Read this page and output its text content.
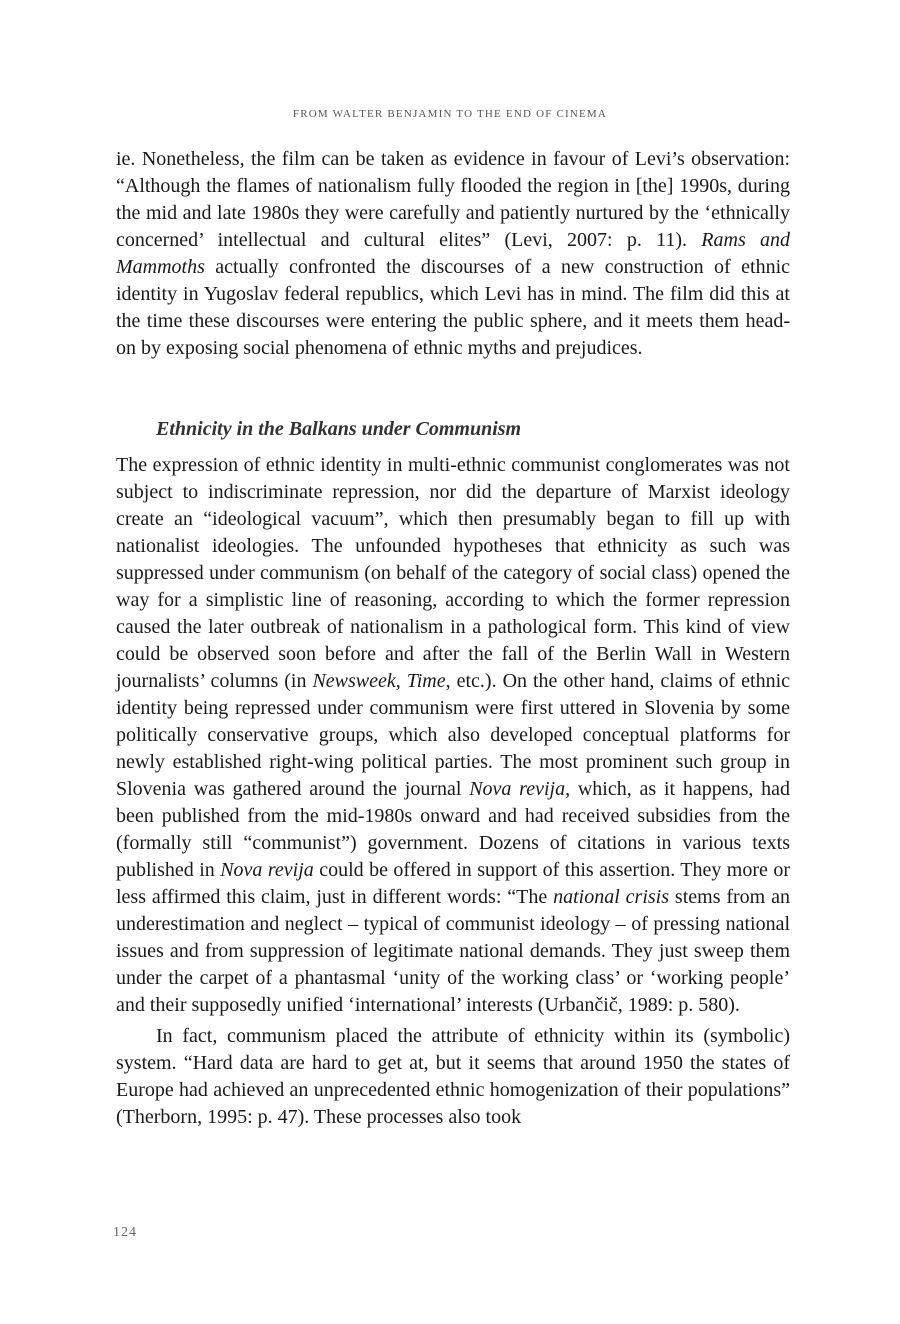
FROM WALTER BENJAMIN TO THE END OF CINEMA

ie. Nonetheless, the film can be taken as evidence in favour of Levi’s observation: “Although the flames of nationalism fully flooded the region in [the] 1990s, during the mid and late 1980s they were carefully and patiently nurtured by the ‘ethnically concerned’ intellectual and cultural elites” (Levi, 2007: p. 11). Rams and Mammoths actually confronted the discourses of a new construction of ethnic identity in Yugoslav federal republics, which Levi has in mind. The film did this at the time these discourses were entering the public sphere, and it meets them head-on by exposing social phenomena of ethnic myths and prejudices.

Ethnicity in the Balkans under Communism

The expression of ethnic identity in multi-ethnic communist conglomerates was not subject to indiscriminate repression, nor did the departure of Marxist ideology create an “ideological vacuum”, which then presumably began to fill up with nationalist ideologies. The unfounded hypotheses that ethnicity as such was suppressed under communism (on behalf of the category of social class) opened the way for a simplistic line of reasoning, according to which the former repression caused the later outbreak of nationalism in a pathological form. This kind of view could be observed soon before and after the fall of the Berlin Wall in Western journalists’ columns (in Newsweek, Time, etc.). On the other hand, claims of ethnic identity being repressed under communism were first uttered in Slovenia by some politically conservative groups, which also developed conceptual platforms for newly established right-wing political parties. The most prominent such group in Slovenia was gathered around the journal Nova revija, which, as it happens, had been published from the mid-1980s onward and had received subsidies from the (formally still “communist”) government. Dozens of citations in various texts published in Nova revija could be offered in support of this assertion. They more or less affirmed this claim, just in different words: “The national crisis stems from an underestimation and neglect – typical of communist ideology – of pressing national issues and from suppression of legitimate national demands. They just sweep them under the carpet of a phantasmal ‘unity of the working class’ or ‘working people’ and their supposedly unified ‘international’ interests (Urbančič, 1989: p. 580).

In fact, communism placed the attribute of ethnicity within its (symbolic) system. “Hard data are hard to get at, but it seems that around 1950 the states of Europe had achieved an unprecedented ethnic homogenization of their populations” (Therborn, 1995: p. 47). These processes also took

124
